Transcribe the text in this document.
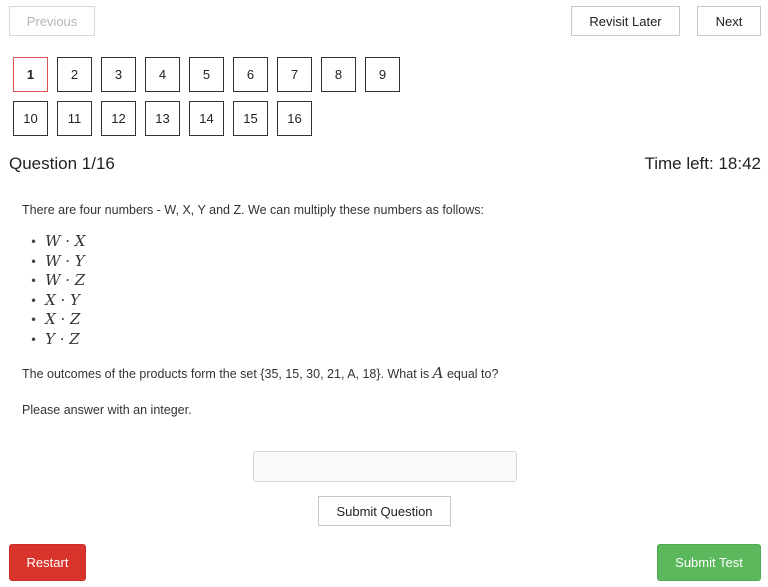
Previous	Revisit Later	Next
1	2	3	4	5	6	7	8	9
10	11	12	13	14	15	16
Question 1/16	Time left: 18:42
There are four numbers - W, X, Y and Z. We can multiply these numbers as follows:
• W · X
• W · Y
• W · Z
• X · Y
• X · Z
• Y · Z
The outcomes of the products form the set {35, 15, 30, 21, A, 18}. What is A equal to?
Please answer with an integer.
Submit Question
Restart	Submit Test
